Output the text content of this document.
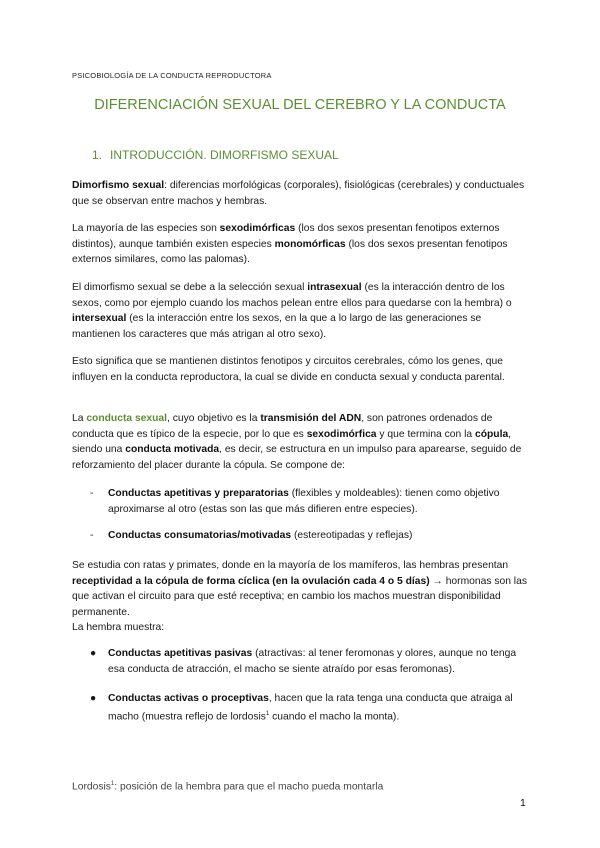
PSICOBIOLOGÍA DE LA CONDUCTA REPRODUCTORA
DIFERENCIACIÓN SEXUAL DEL CEREBRO Y LA CONDUCTA
1. INTRODUCCIÓN. DIMORFISMO SEXUAL

Dimorfismo sexual: diferencias morfológicas (corporales), fisiológicas (cerebrales) y conductuales que se observan entre machos y hembras.

La mayoría de las especies son sexodimórficas (los dos sexos presentan fenotipos externos distintos), aunque también existen especies monomórficas (los dos sexos presentan fenotipos externos similares, como las palomas).

El dimorfismo sexual se debe a la selección sexual intrasexual (es la interacción dentro de los sexos, como por ejemplo cuando los machos pelean entre ellos para quedarse con la hembra) o intersexual (es la interacción entre los sexos, en la que a lo largo de las generaciones se mantienen los caracteres que más atrigan al otro sexo).

Esto significa que se mantienen distintos fenotipos y circuitos cerebrales, cómo los genes, que influyen en la conducta reproductora, la cual se divide en conducta sexual y conducta parental.

La conducta sexual, cuyo objetivo es la transmisión del ADN, son patrones ordenados de conducta que es típico de la especie, por lo que es sexodimórfica y que termina con la cópula, siendo una conducta motivada, es decir, se estructura en un impulso para aparearse, seguido de reforzamiento del placer durante la cópula. Se compone de:

-	Conductas apetitivas y preparatorias (flexibles y moldeables): tienen como objetivo aproximarse al otro (estas son las que más difieren entre especies).
-	Conductas consumatorias/motivadas (estereotipadas y reflejas)

Se estudia con ratas y primates, donde en la mayoría de los mamíferos, las hembras presentan receptividad a la cópula de forma cíclica (en la ovulación cada 4 o 5 días) → hormonas son las que activan el circuito para que esté receptiva; en cambio los machos muestran disponibilidad permanente.

La hembra muestra:

●	Conductas apetitivas pasivas (atractivas: al tener feromonas y olores, aunque no tenga esa conducta de atracción, el macho se siente atraído por esas feromonas).
●	Conductas activas o proceptivas, hacen que la rata tenga una conducta que atraiga al macho (muestra reflejo de lordosis$^1$ cuando el macho la monta).
Lordosis$^1$: posición de la hembra para que el macho pueda montarla
1
